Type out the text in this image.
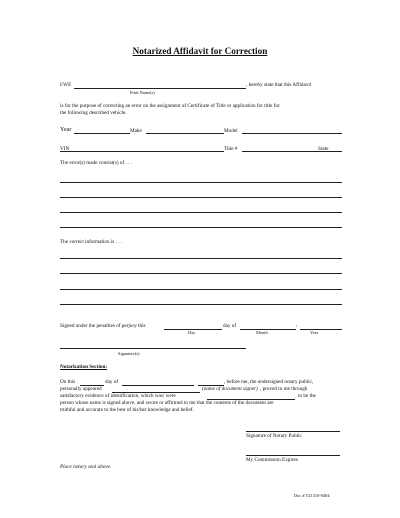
Notarized Affidavit for Correction
I/WE	, hereby state that this Affidavit
Print Name(s)
is for the purpose of correcting an error on the assignment of Certificate of Title or application for title for
the following described vehicle.
Year	Make	Model
VIN	Title #	State
The error(s) made consist(s) of . . .
The correct information is . . .
Signed under the penalties of perjury this	day of	,
Day	Month	Year
Signature(s)
Notarization Section:
On this	day of	, before me, the undersigned notary public,
personally appeared	(name of document signer) , proved to me through
satisfactory evidence of identification, which was/ were	to be the
person whose name is signed above, and swore or affirmed to me that the contents of the document are
truthful and accurate to the best of his/her knowledge and belief.
Signature of Notary Public
My Commission Expires
Place notary seal above.
Doc # T21310-0404
